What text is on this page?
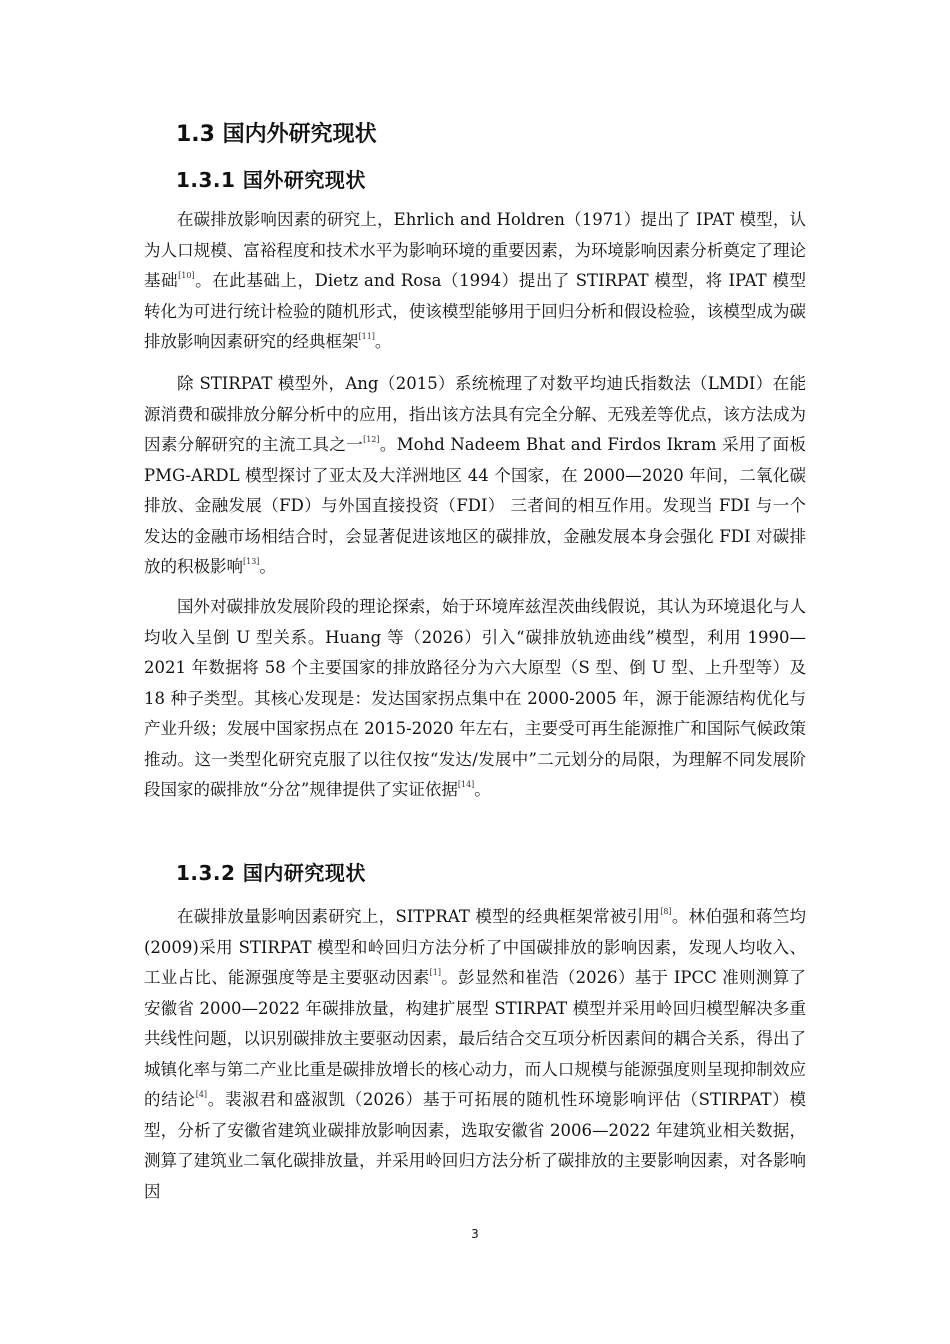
1.3 国内外研究现状
1.3.1 国外研究现状

在碳排放影响因素的研究上，Ehrlich and Holdren（1971）提出了 IPAT 模型，认为人口规模、富裕程度和技术水平为影响环境的重要因素，为环境影响因素分析奠定了理论基础[10]。在此基础上，Dietz and Rosa（1994）提出了 STIRPAT 模型，将 IPAT 模型转化为可进行统计检验的随机形式，使该模型能够用于回归分析和假设检验，该模型成为碳排放影响因素研究的经典框架[11]。

除 STIRPAT 模型外，Ang（2015）系统梳理了对数平均迪氏指数法（LMDI）在能源消费和碳排放分解分析中的应用，指出该方法具有完全分解、无残差等优点，该方法成为因素分解研究的主流工具之一[12]。Mohd Nadeem Bhat and Firdos Ikram 采用了面板 PMG-ARDL 模型探讨了亚太及大洋洲地区 44 个国家，在 2000—2020 年间，二氧化碳排放、金融发展（FD）与外国直接投资（FDI） 三者间的相互作用。发现当 FDI 与一个发达的金融市场相结合时，会显著促进该地区的碳排放，金融发展本身会强化 FDI 对碳排放的积极影响[13]。

国外对碳排放发展阶段的理论探索，始于环境库兹涅茨曲线假说，其认为环境退化与人均收入呈倒 U 型关系。Huang 等（2026）引入“碳排放轨迹曲线”模型，利用 1990—2021 年数据将 58 个主要国家的排放路径分为六大原型（S 型、倒 U 型、上升型等）及 18 种子类型。其核心发现是：发达国家拐点集中在 2000-2005 年，源于能源结构优化与产业升级；发展中国家拐点在 2015-2020 年左右，主要受可再生能源推广和国际气候政策推动。这一类型化研究克服了以往仅按“发达/发展中”二元划分的局限，为理解不同发展阶段国家的碳排放“分岔”规律提供了实证依据[14]。

1.3.2 国内研究现状

在碳排放量影响因素研究上，SITPRAT 模型的经典框架常被引用[8]。林伯强和蒋竺均(2009)采用 STIRPAT 模型和岭回归方法分析了中国碳排放的影响因素，发现人均收入、工业占比、能源强度等是主要驱动因素[1]。彭显然和崔浩（2026）基于 IPCC 准则测算了安徽省 2000—2022 年碳排放量，构建扩展型 STIRPAT 模型并采用岭回归模型解决多重共线性问题，以识别碳排放主要驱动因素，最后结合交互项分析因素间的耦合关系，得出了城镇化率与第二产业比重是碳排放增长的核心动力，而人口规模与能源强度则呈现抑制效应的结论[4]。裴淑君和盛淑凯（2026）基于可拓展的随机性环境影响评估（STIRPAT）模型，分析了安徽省建筑业碳排放影响因素，选取安徽省 2006—2022 年建筑业相关数据，测算了建筑业二氧化碳排放量，并采用岭回归方法分析了碳排放的主要影响因素，对各影响因

3
